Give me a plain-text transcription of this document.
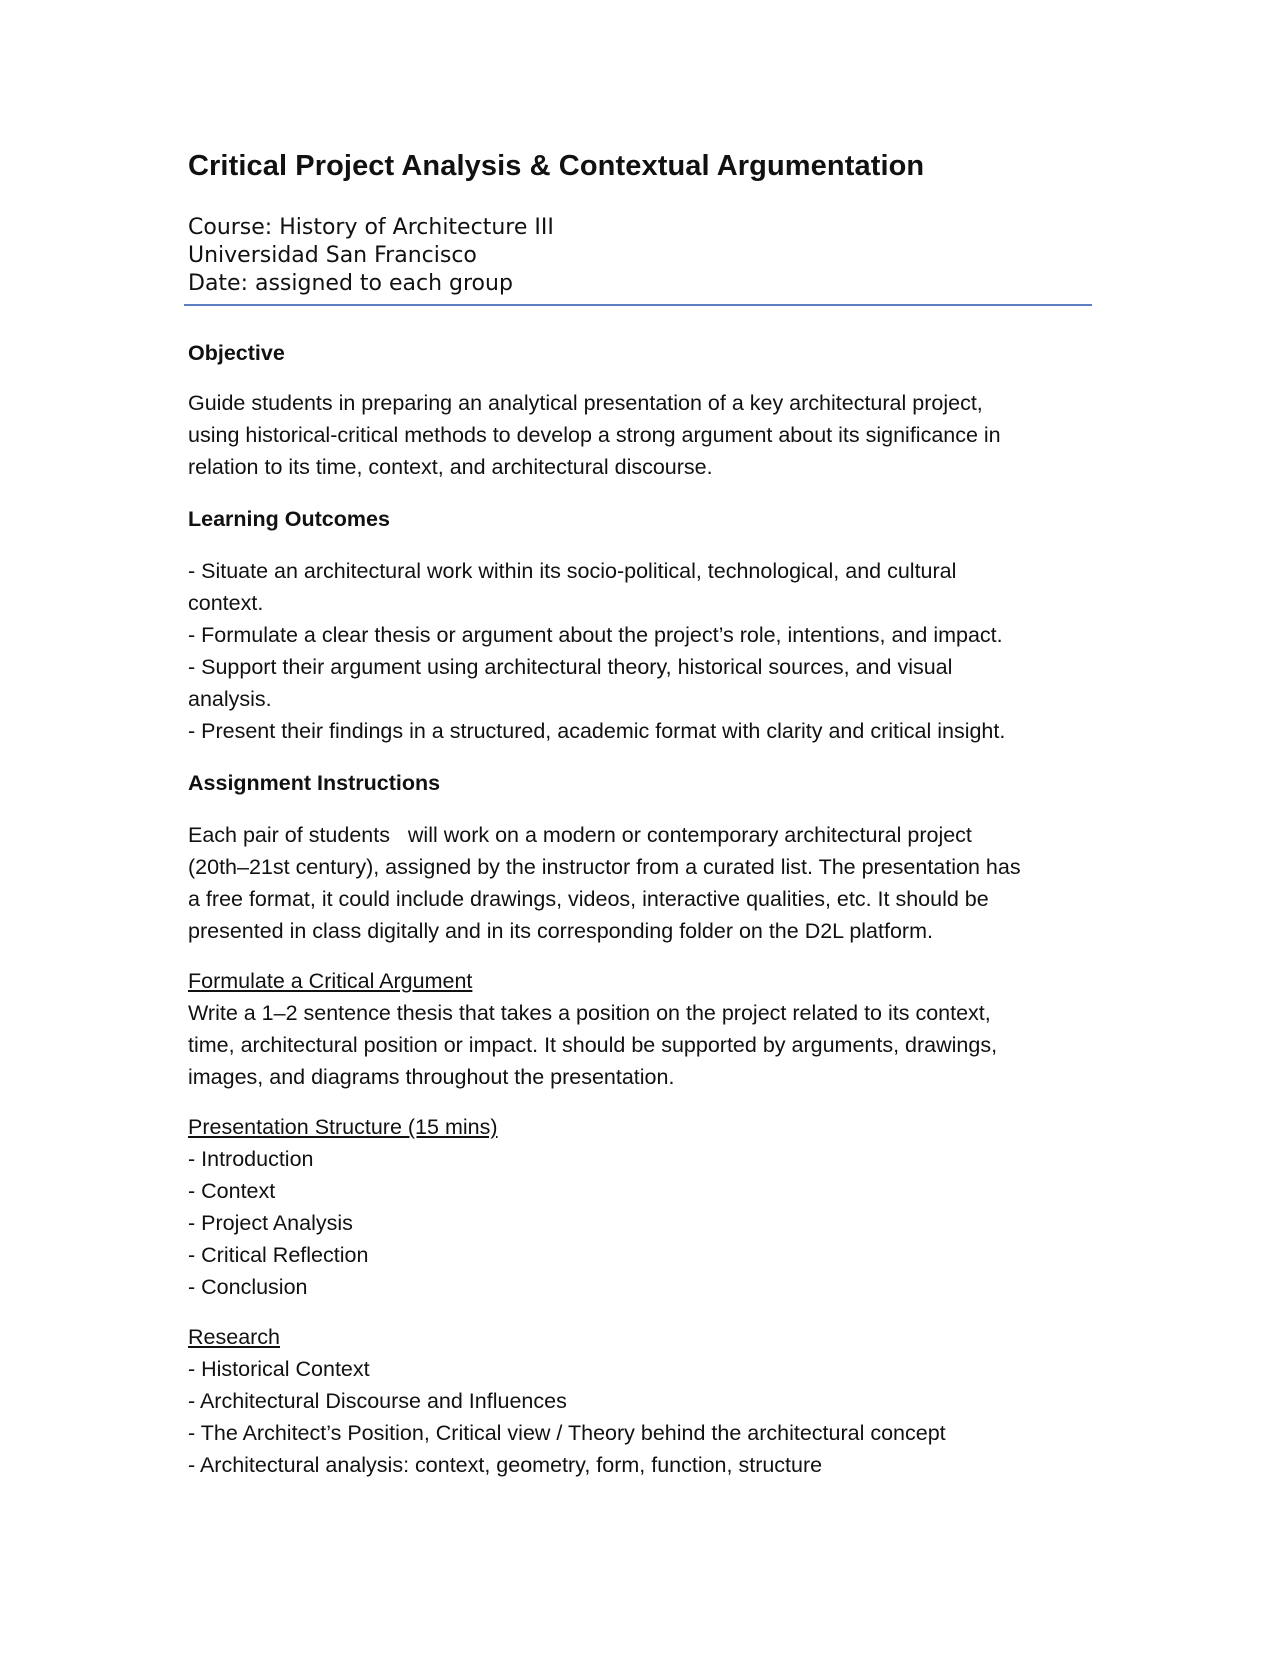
Critical Project Analysis & Contextual Argumentation
Course: History of Architecture III
Universidad San Francisco
Date: assigned to each group
Objective
Guide students in preparing an analytical presentation of a key architectural project,
using historical-critical methods to develop a strong argument about its significance in
relation to its time, context, and architectural discourse.
Learning Outcomes
- Situate an architectural work within its socio-political, technological, and cultural
context.
- Formulate a clear thesis or argument about the project’s role, intentions, and impact.
- Support their argument using architectural theory, historical sources, and visual
analysis.
- Present their findings in a structured, academic format with clarity and critical insight.
Assignment Instructions
Each pair of students   will work on a modern or contemporary architectural project
(20th–21st century), assigned by the instructor from a curated list. The presentation has
a free format, it could include drawings, videos, interactive qualities, etc. It should be
presented in class digitally and in its corresponding folder on the D2L platform.
Formulate a Critical Argument
Write a 1–2 sentence thesis that takes a position on the project related to its context,
time, architectural position or impact. It should be supported by arguments, drawings,
images, and diagrams throughout the presentation.
Presentation Structure (15 mins)
- Introduction
- Context
- Project Analysis
- Critical Reflection
- Conclusion
Research
- Historical Context
- Architectural Discourse and Influences
- The Architect’s Position, Critical view / Theory behind the architectural concept
- Architectural analysis: context, geometry, form, function, structure
